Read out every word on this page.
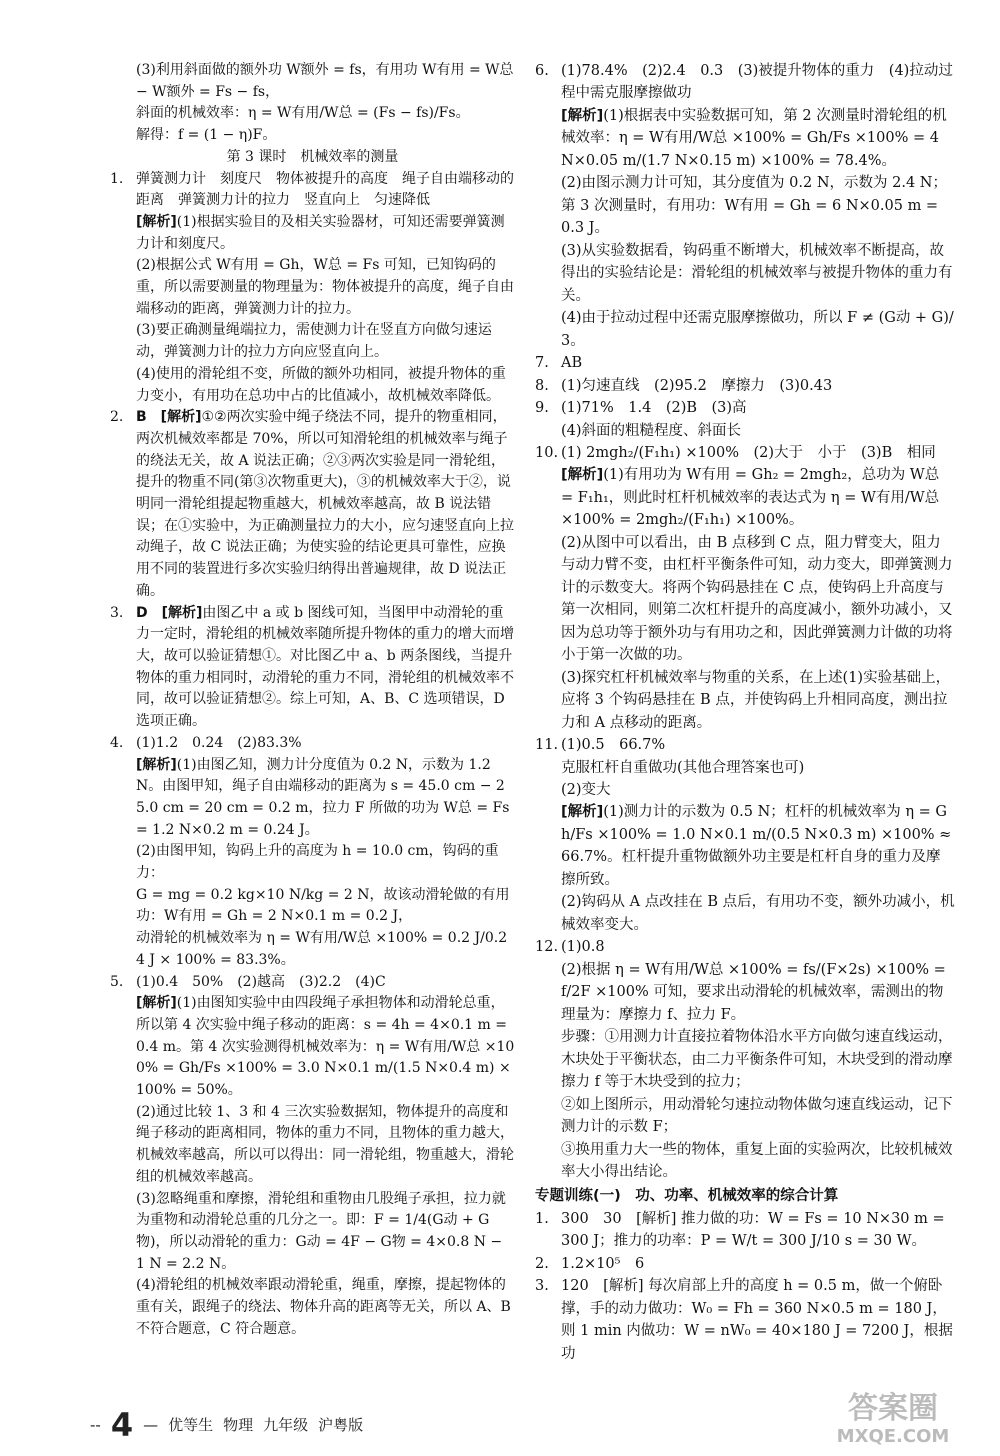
(3)利用斜面做的额外功 W额外 = fs，有用功 W有用 = W总 − W额外 = Fs − fs，

斜面的机械效率：η = W有用/W总 = (Fs − fs)/Fs。

解得：f = (1 − η)F。

第 3 课时　机械效率的测量

1. 弹簧测力计　刻度尺　物体被提升的高度　绳子自由端移动的距离　弹簧测力计的拉力　竖直向上　匀速降低

[解析](1)根据实验目的及相关实验器材，可知还需要弹簧测力计和刻度尺。

(2)根据公式 W有用 = Gh，W总 = Fs 可知，已知钩码的重，所以需要测量的物理量为：物体被提升的高度，绳子自由端移动的距离，弹簧测力计的拉力。

(3)要正确测量绳端拉力，需使测力计在竖直方向做匀速运动，弹簧测力计的拉力方向应竖直向上。

(4)使用的滑轮组不变，所做的额外功相同，被提升物体的重力变小，有用功在总功中占的比值减小，故机械效率降低。

2. B　[解析]①②两次实验中绳子绕法不同，提升的物重相同，两次机械效率都是 70%，所以可知滑轮组的机械效率与绳子的绕法无关，故 A 说法正确；②③两次实验是同一滑轮组，提升的物重不同(第③次物重更大)，③的机械效率大于②，说明同一滑轮组提起物重越大，机械效率越高，故 B 说法错误；在①实验中，为正确测量拉力的大小，应匀速竖直向上拉动绳子，故 C 说法正确；为使实验的结论更具可靠性，应换用不同的装置进行多次实验归纳得出普遍规律，故 D 说法正确。

3. D　[解析]由图乙中 a 或 b 图线可知，当图甲中动滑轮的重力一定时，滑轮组的机械效率随所提升物体的重力的增大而增大，故可以验证猜想①。对比图乙中 a、b 两条图线，当提升物体的重力相同时，动滑轮的重力不同，滑轮组的机械效率不同，故可以验证猜想②。综上可知，A、B、C 选项错误，D 选项正确。

4. (1)1.2　0.24　(2)83.3%

[解析](1)由图乙知，测力计分度值为 0.2 N，示数为 1.2 N。由图甲知，绳子自由端移动的距离为 s = 45.0 cm − 25.0 cm = 20 cm = 0.2 m，拉力 F 所做的功为 W总 = Fs = 1.2 N×0.2 m = 0.24 J。

(2)由图甲知，钩码上升的高度为 h = 10.0 cm，钩码的重力：

G = mg = 0.2 kg×10 N/kg = 2 N，故该动滑轮做的有用功：W有用 = Gh = 2 N×0.1 m = 0.2 J，

动滑轮的机械效率为 η = W有用/W总 ×100% = 0.2 J/0.24 J × 100% = 83.3%。

5. (1)0.4　50%　(2)越高　(3)2.2　(4)C

[解析](1)由图知实验中由四段绳子承担物体和动滑轮总重，所以第 4 次实验中绳子移动的距离：s = 4h = 4×0.1 m = 0.4 m。第 4 次实验测得机械效率为：η = W有用/W总 ×100% = Gh/Fs ×100% = 3.0 N×0.1 m/(1.5 N×0.4 m) ×100% = 50%。

(2)通过比较 1、3 和 4 三次实验数据知，物体提升的高度和绳子移动的距离相同，物体的重力不同，且物体的重力越大，机械效率越高，所以可以得出：同一滑轮组，物重越大，滑轮组的机械效率越高。

(3)忽略绳重和摩擦，滑轮组和重物由几股绳子承担，拉力就为重物和动滑轮总重的几分之一。即：F = 1/4(G动 + G物)，所以动滑轮的重力：G动 = 4F − G物 = 4×0.8 N − 1 N = 2.2 N。

(4)滑轮组的机械效率跟动滑轮重，绳重，摩擦，提起物体的重有关，跟绳子的绕法、物体升高的距离等无关，所以 A、B 不符合题意，C 符合题意。

6. (1)78.4%　(2)2.4　0.3　(3)被提升物体的重力　(4)拉动过程中需克服摩擦做功

[解析](1)根据表中实验数据可知，第 2 次测量时滑轮组的机械效率：η = W有用/W总 ×100% = Gh/Fs ×100% = 4 N×0.05 m/(1.7 N×0.15 m) ×100% = 78.4%。

(2)由图示测力计可知，其分度值为 0.2 N，示数为 2.4 N；第 3 次测量时，有用功：W有用 = Gh = 6 N×0.05 m = 0.3 J。

(3)从实验数据看，钩码重不断增大，机械效率不断提高，故得出的实验结论是：滑轮组的机械效率与被提升物体的重力有关。

(4)由于拉动过程中还需克服摩擦做功，所以 F ≠ (G动 + G)/3。

7. AB

8. (1)匀速直线　(2)95.2　摩擦力　(3)0.43

9. (1)71%　1.4　(2)B　(3)高

(4)斜面的粗糙程度、斜面长

10. (1) 2mgh₂/(F₁h₁) ×100%　(2)大于　小于　(3)B　相同

[解析](1)有用功为 W有用 = Gh₂ = 2mgh₂，总功为 W总 = F₁h₁，则此时杠杆机械效率的表达式为 η = W有用/W总 ×100% = 2mgh₂/(F₁h₁) ×100%。

(2)从图中可以看出，由 B 点移到 C 点，阻力臂变大，阻力与动力臂不变，由杠杆平衡条件可知，动力变大，即弹簧测力计的示数变大。将两个钩码悬挂在 C 点，使钩码上升高度与第一次相同，则第二次杠杆提升的高度减小，额外功减小，又因为总功等于额外功与有用功之和，因此弹簧测力计做的功将小于第一次做的功。

(3)探究杠杆机械效率与物重的关系，在上述(1)实验基础上，应将 3 个钩码悬挂在 B 点，并使钩码上升相同高度，测出拉力和 A 点移动的距离。

11. (1)0.5　66.7%

克服杠杆自重做功(其他合理答案也可)

(2)变大

[解析](1)测力计的示数为 0.5 N；杠杆的机械效率为 η = Gh/Fs ×100% = 1.0 N×0.1 m/(0.5 N×0.3 m) ×100% ≈ 66.7%。杠杆提升重物做额外功主要是杠杆自身的重力及摩擦所致。

(2)钩码从 A 点改挂在 B 点后，有用功不变，额外功减小，机械效率变大。

12. (1)0.8

(2)根据 η = W有用/W总 ×100% = fs/(F×2s) ×100% = f/2F ×100% 可知，要求出动滑轮的机械效率，需测出的物理量为：摩擦力 f、拉力 F。

步骤：①用测力计直接拉着物体沿水平方向做匀速直线运动，木块处于平衡状态，由二力平衡条件可知，木块受到的滑动摩擦力 f 等于木块受到的拉力；

②如上图所示，用动滑轮匀速拉动物体做匀速直线运动，记下测力计的示数 F；

③换用重力大一些的物体，重复上面的实验两次，比较机械效率大小得出结论。

专题训练(一)　功、功率、机械效率的综合计算

1. 300　30　[解析] 推力做的功：W = Fs = 10 N×30 m = 300 J；推力的功率：P = W/t = 300 J/10 s = 30 W。

2. 1.2×10⁵　6

3. 120　[解析] 每次肩部上升的高度 h = 0.5 m，做一个俯卧撑，手的动力做功：W₀ = Fh = 360 N×0.5 m = 180 J，则 1 min 内做功：W = nW₀ = 40×180 J = 7200 J，根据功

-- 4 — 优等生 物理 九年级 沪粤版	答案圈
MXQE.COM
